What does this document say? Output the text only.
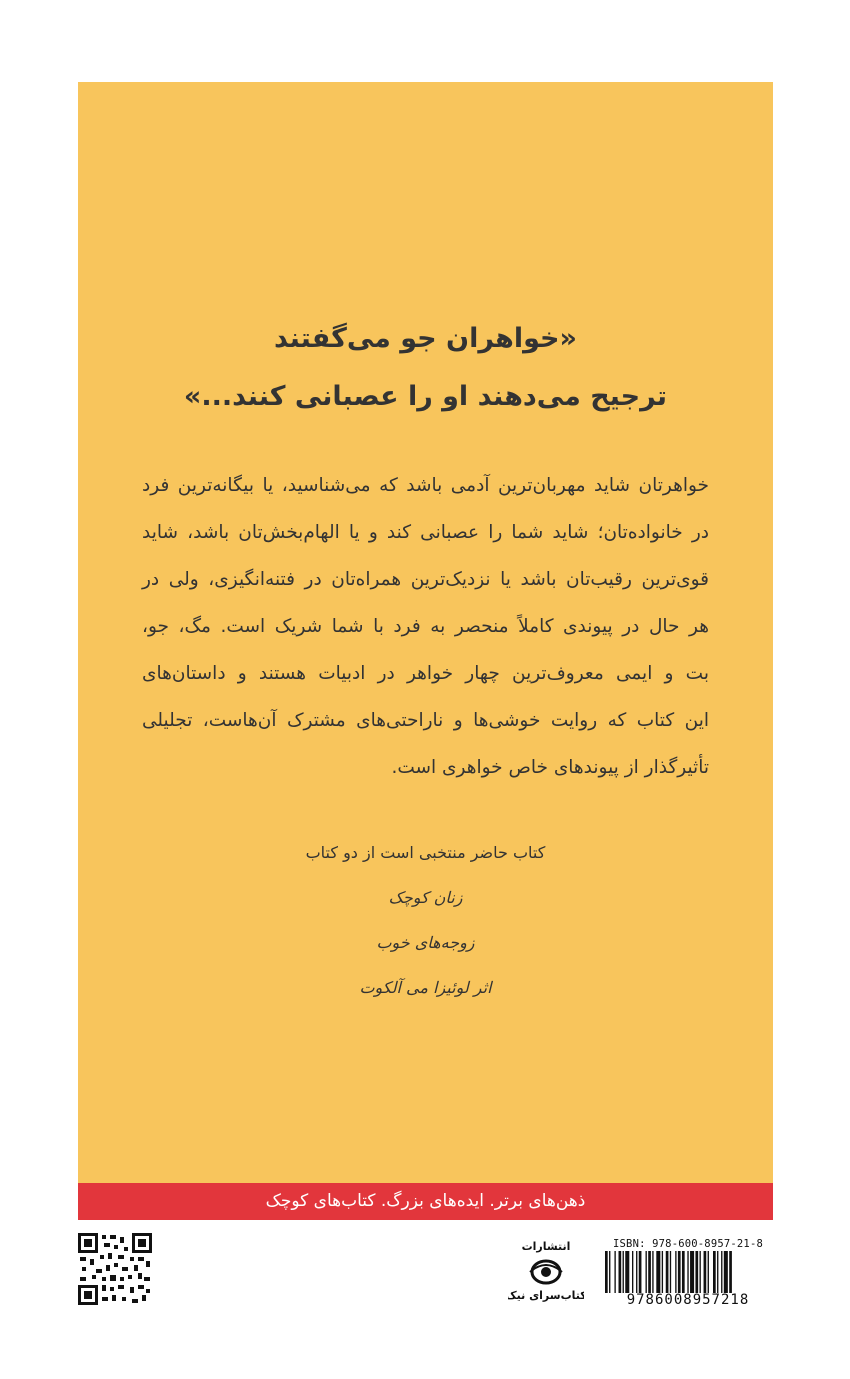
«خواهران جو می‌گفتند
ترجیح می‌دهند او را عصبانی کنند...»
خواهرتان شاید مهربان‌ترین آدمی باشد که می‌شناسید، یا بیگانه‌ترین فرد
در خانواده‌تان؛ شاید شما را عصبانی کند و یا الهام‌بخش‌تان باشد، شاید
قوی‌ترین رقیب‌تان باشد یا نزدیک‌ترین همراه‌تان در فتنه‌انگیزی، ولی در
هر حال در پیوندی کاملاً منحصر به فرد با شما شریک است. مگ، جو،
بت و ایمی معروف‌ترین چهار خواهر در ادبیات هستند و داستان‌های
این کتاب که روایت خوشی‌ها و ناراحتی‌های مشترک آن‌هاست، تجلیلی
تأثیرگذار از پیوندهای خاص خواهری است.
کتاب حاضر منتخبی است از دو کتاب
زنان کوچک
زوجه‌های خوب
اثر لوئیزا می آلکوت
ذهن‌های برتر. ایده‌های بزرگ. کتاب‌های کوچک
انتشارات
کتاب‌سرای نیک
ISBN: 978-600-8957-21-8
9786008957218
